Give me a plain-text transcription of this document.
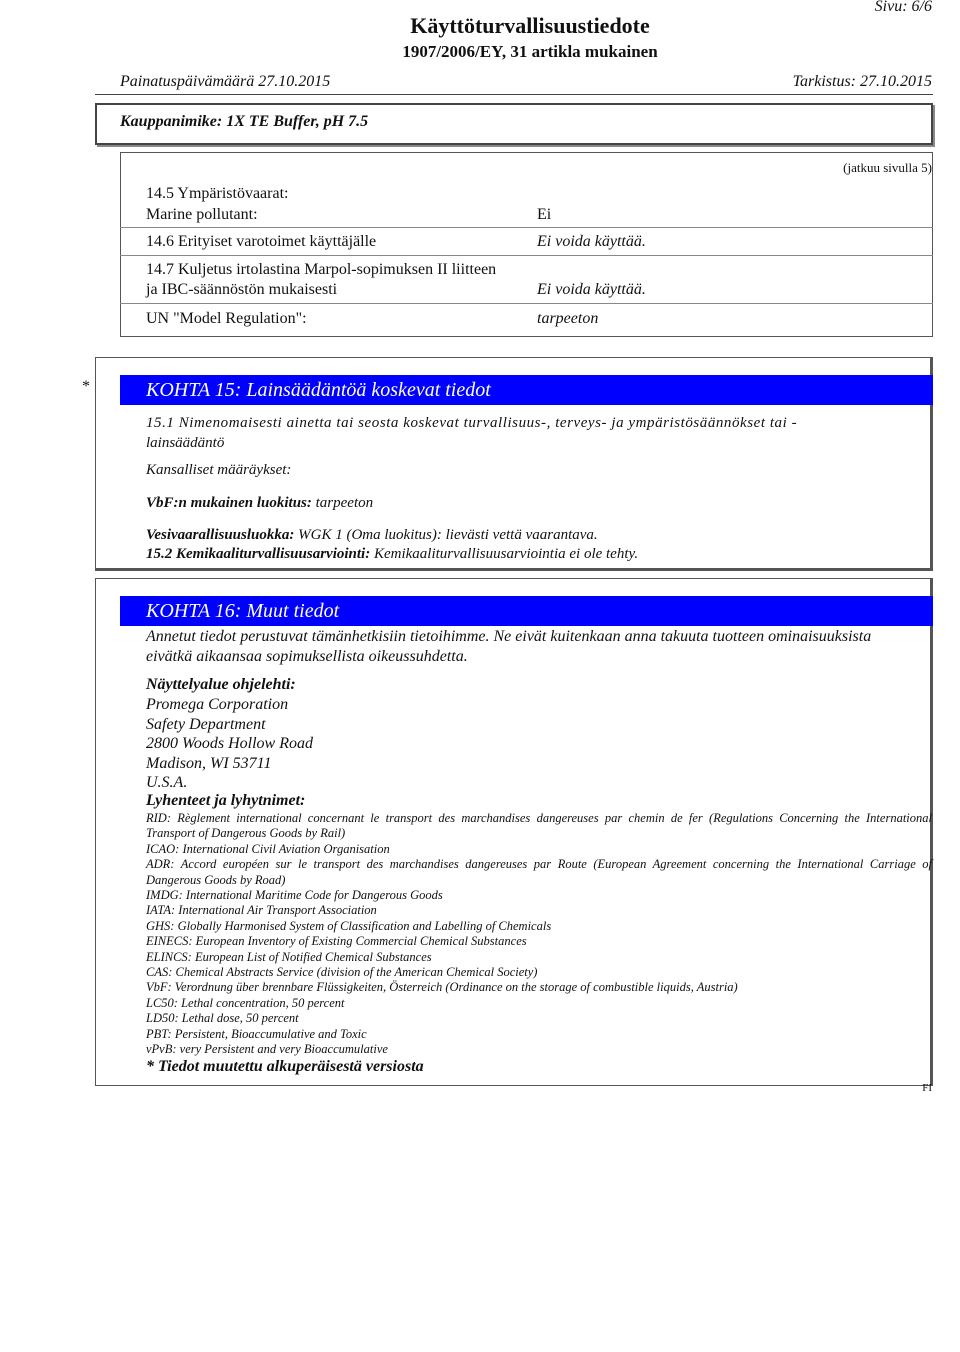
Sivu: 6/6
Käyttöturvallisuustiedote
1907/2006/EY, 31 artikla mukainen
Painatuspäivämäärä 27.10.2015	Tarkistus: 27.10.2015
Kauppanimike: 1X TE Buffer, pH 7.5
(jatkuu sivulla 5)
14.5 Ympäristövaarat:
Marine pollutant:	Ei
14.6 Erityiset varotoimet käyttäjälle	Ei voida käyttää.
14.7 Kuljetus irtolastina Marpol-sopimuksen II liitteen
ja IBC-säännöstön mukaisesti	Ei voida käyttää.
UN "Model Regulation":	tarpeeton
*	KOHTA 15: Lainsäädäntöä koskevat tiedot
15.1 Nimenomaisesti ainetta tai seosta koskevat turvallisuus-, terveys- ja ympäristösäännökset tai -
lainsäädäntö
Kansalliset määräykset:
VbF:n mukainen luokitus: tarpeeton
Vesivaarallisuusluokka: WGK 1 (Oma luokitus): lievästi vettä vaarantava.
15.2 Kemikaaliturvallisuusarviointi: Kemikaaliturvallisuusarviointia ei ole tehty.
KOHTA 16: Muut tiedot
Annetut tiedot perustuvat tämänhetkisiin tietoihimme. Ne eivät kuitenkaan anna takuuta tuotteen ominaisuuksista
eivätkä aikaansaa sopimuksellista oikeussuhdetta.
Näyttelyalue ohjelehti:
Promega Corporation
Safety Department
2800 Woods Hollow Road
Madison, WI 53711
U.S.A.
Lyhenteet ja lyhytnimet:
RID: Règlement international concernant le transport des marchandises dangereuses par chemin de fer (Regulations Concerning the International Transport of Dangerous Goods by Rail)
ICAO: International Civil Aviation Organisation
ADR: Accord européen sur le transport des marchandises dangereuses par Route (European Agreement concerning the International Carriage of Dangerous Goods by Road)
IMDG: International Maritime Code for Dangerous Goods
IATA: International Air Transport Association
GHS: Globally Harmonised System of Classification and Labelling of Chemicals
EINECS: European Inventory of Existing Commercial Chemical Substances
ELINCS: European List of Notified Chemical Substances
CAS: Chemical Abstracts Service (division of the American Chemical Society)
VbF: Verordnung über brennbare Flüssigkeiten, Österreich (Ordinance on the storage of combustible liquids, Austria)
LC50: Lethal concentration, 50 percent
LD50: Lethal dose, 50 percent
PBT: Persistent, Bioaccumulative and Toxic
vPvB: very Persistent and very Bioaccumulative
* Tiedot muutettu alkuperäisestä versiosta
FI
